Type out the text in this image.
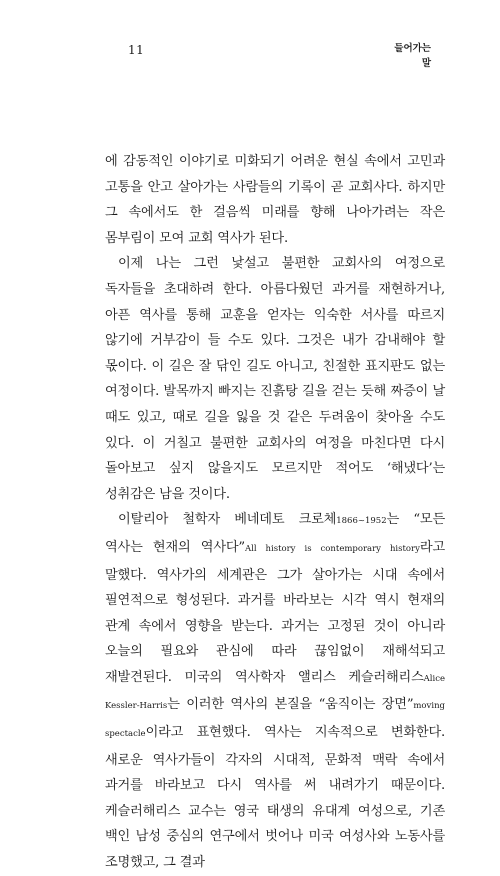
11	들어가는
말

에 감동적인 이야기로 미화되기 어려운 현실 속에서 고민과 고통을 안고 살아가는 사람들의 기록이 곧 교회사다. 하지만 그 속에서도 한 걸음씩 미래를 향해 나아가려는 작은 몸부림이 모여 교회 역사가 된다.

이제 나는 그런 낯설고 불편한 교회사의 여정으로 독자들을 초대하려 한다. 아름다웠던 과거를 재현하거나, 아픈 역사를 통해 교훈을 얻자는 익숙한 서사를 따르지 않기에 거부감이 들 수도 있다. 그것은 내가 감내해야 할 몫이다. 이 길은 잘 닦인 길도 아니고, 친절한 표지판도 없는 여정이다. 발목까지 빠지는 진흙탕 길을 걷는 듯해 짜증이 날 때도 있고, 때로 길을 잃을 것 같은 두려움이 찾아올 수도 있다. 이 거칠고 불편한 교회사의 여정을 마친다면 다시 돌아보고 싶지 않을지도 모르지만 적어도 ‘해냈다’는 성취감은 남을 것이다.

이탈리아 철학자 베네데토 크로체1866~1952는 “모든 역사는 현재의 역사다”All history is contemporary history라고 말했다. 역사가의 세계관은 그가 살아가는 시대 속에서 필연적으로 형성된다. 과거를 바라보는 시각 역시 현재의 관계 속에서 영향을 받는다. 과거는 고정된 것이 아니라 오늘의 필요와 관심에 따라 끊임없이 재해석되고 재발견된다. 미국의 역사학자 앨리스 케슬러해리스Alice Kessler-Harris는 이러한 역사의 본질을 “움직이는 장면”moving spectacle이라고 표현했다. 역사는 지속적으로 변화한다. 새로운 역사가들이 각자의 시대적, 문화적 맥락 속에서 과거를 바라보고 다시 역사를 써 내려가기 때문이다. 케슬러해리스 교수는 영국 태생의 유대계 여성으로, 기존 백인 남성 중심의 연구에서 벗어나 미국 여성사와 노동사를 조명했고, 그 결과
